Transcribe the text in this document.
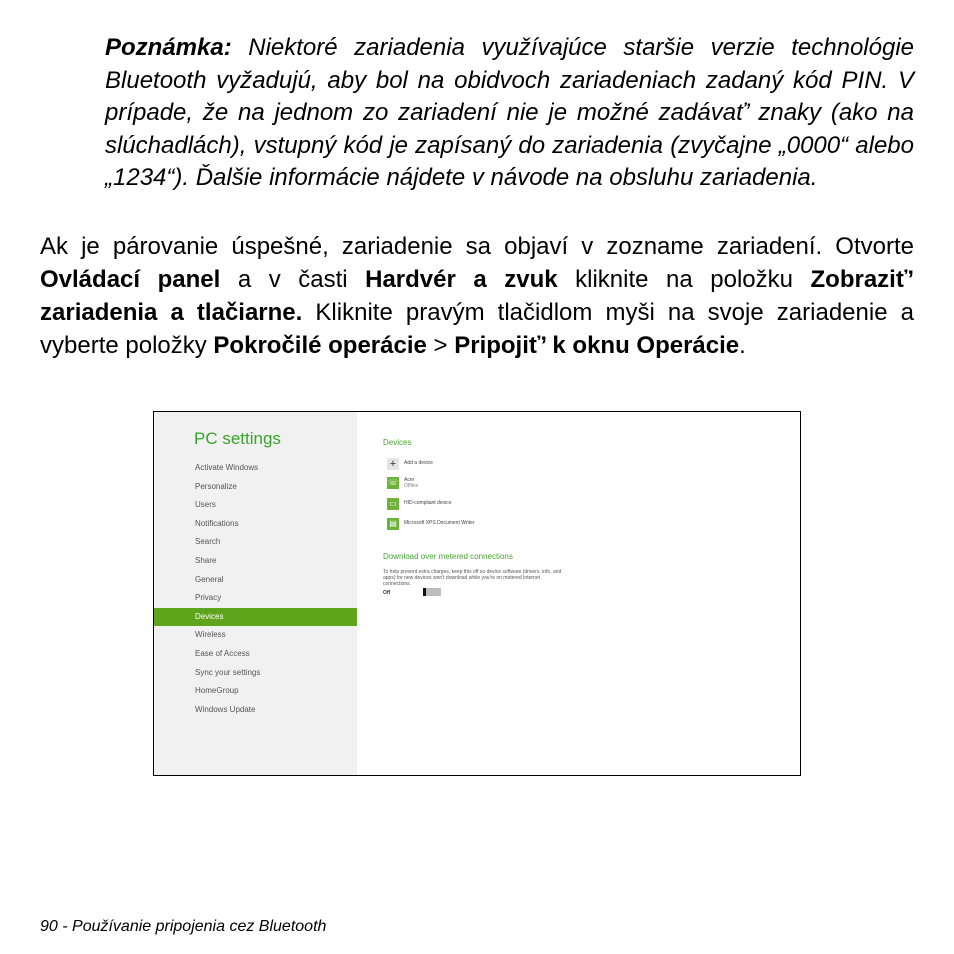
Poznámka: Niektoré zariadenia využívajúce staršie verzie technológie Bluetooth vyžadujú, aby bol na obidvoch zariadeniach zadaný kód PIN. V prípade, že na jednom zo zariadení nie je možné zadávať’ znaky (ako na slúchadlách), vstupný kód je zapísaný do zariadenia (zvyčajne „0000“ alebo „1234“). Ďalšie informácie nájdete v návode na obsluhu zariadenia.
Ak je párovanie úspešné, zariadenie sa objaví v zozname zariadení. Otvorte Ovládací panel a v časti Hardvér a zvuk kliknite na položku Zobraziť’ zariadenia a tlačiarne. Kliknite pravým tlačidlom myši na svoje zariadenie a vyberte položky Pokročilé operácie > Pripojiť’ k oknu Operácie.
PC settings
Activate Windows
Personalize
Users
Notifications
Search
Share
General
Privacy
Devices
Wireless
Ease of Access
Sync your settings
HomeGroup
Windows Update
Devices
+	Add a device
☏ Acer
Offline
▭	HID-compliant device
▤	Microsoft XPS Document Writer
Download over metered connections
To help prevent extra charges, keep this off so device software (drivers, info, and apps) for new devices won't download while you're on metered Internet connections.
Off
90 - Používanie pripojenia cez Bluetooth
